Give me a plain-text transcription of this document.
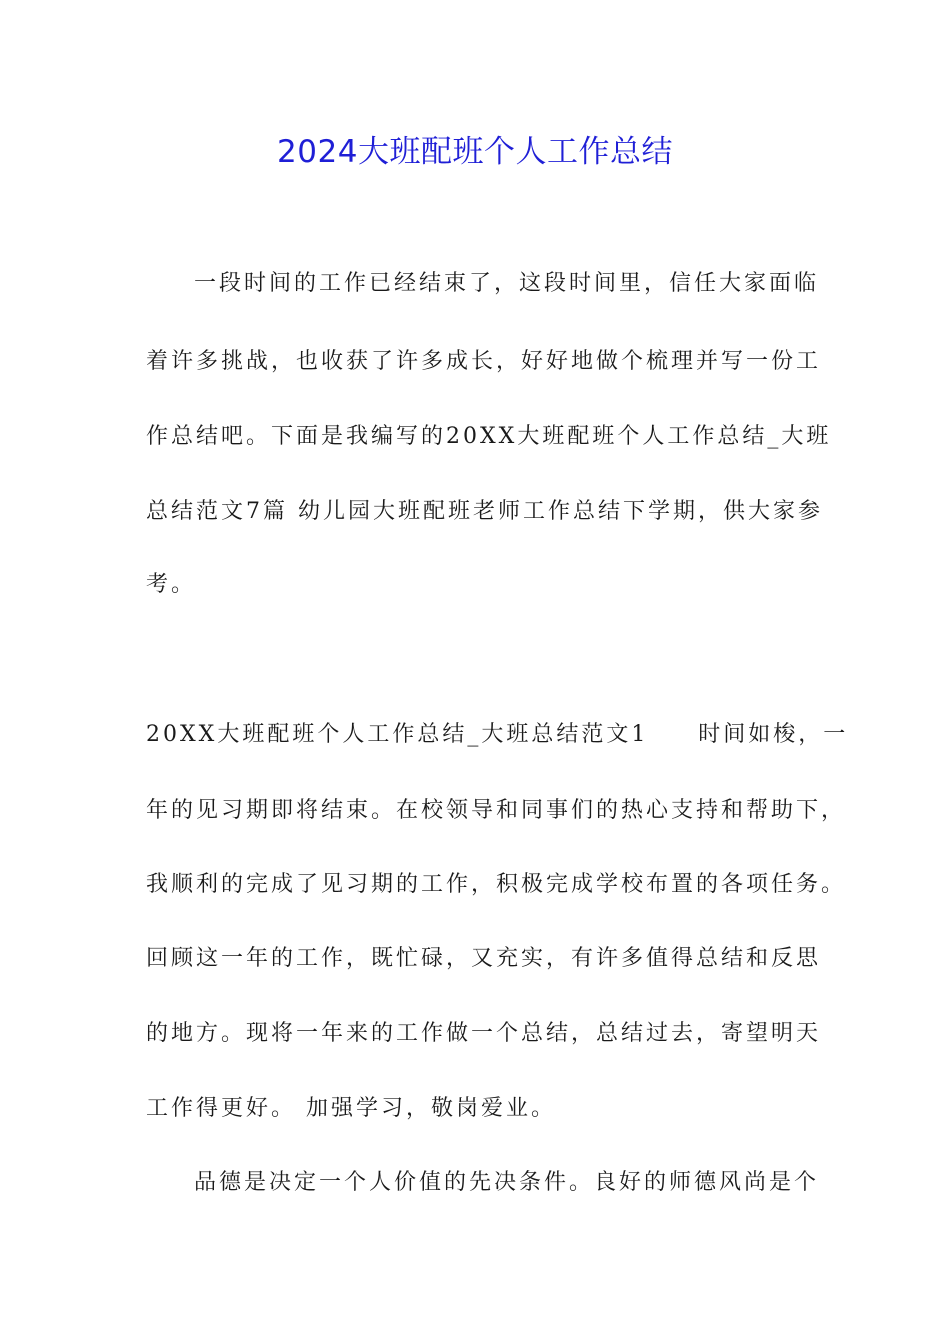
2024大班配班个人工作总结
一段时间的工作已经结束了，这段时间里，信任大家面临
着许多挑战，也收获了许多成长，好好地做个梳理并写一份工
作总结吧。下面是我编写的20XX大班配班个人工作总结_大班
总结范文7篇 幼儿园大班配班老师工作总结下学期，供大家参
考。
20XX大班配班个人工作总结_大班总结范文1     时间如梭，一
年的见习期即将结束。在校领导和同事们的热心支持和帮助下，
我顺利的完成了见习期的工作，积极完成学校布置的各项任务。
回顾这一年的工作，既忙碌，又充实，有许多值得总结和反思
的地方。现将一年来的工作做一个总结，总结过去，寄望明天
工作得更好。 加强学习，敬岗爱业。
品德是决定一个人价值的先决条件。良好的师德风尚是个
